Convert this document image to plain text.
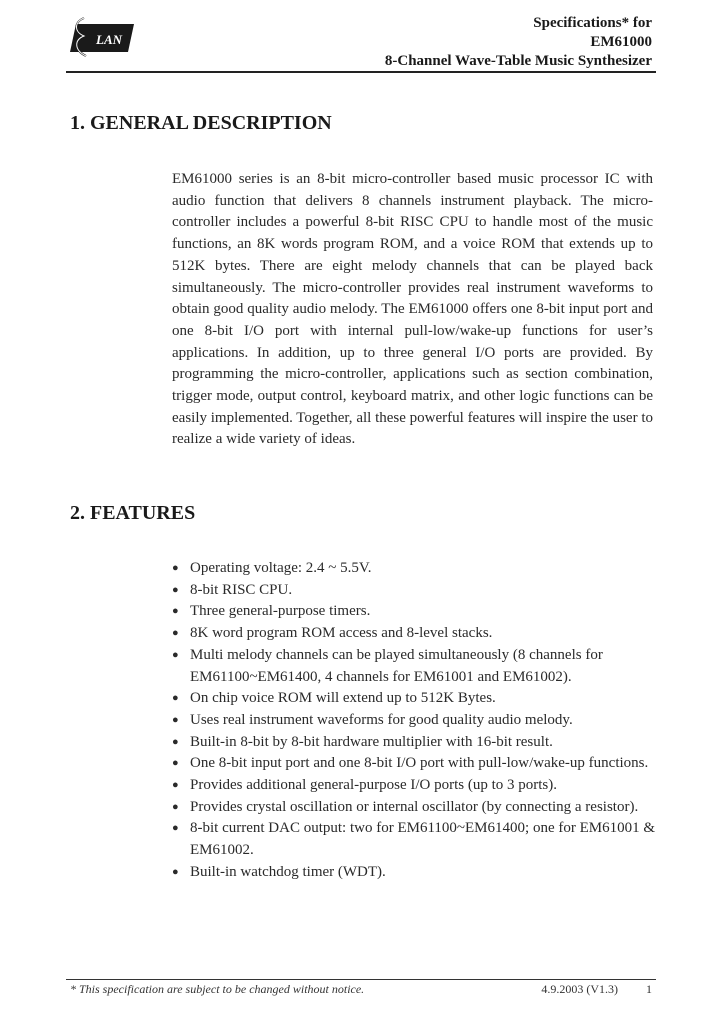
LAN
Specifications* for
EM61000
8-Channel Wave-Table Music Synthesizer
1. GENERAL DESCRIPTION

EM61000 series is an 8-bit micro-controller based music processor IC with audio function that delivers 8 channels instrument playback. The micro-controller includes a powerful 8-bit RISC CPU to handle most of the music functions, an 8K words program ROM, and a voice ROM that extends up to 512K bytes. There are eight melody channels that can be played back simultaneously. The micro-controller provides real instrument waveforms to obtain good quality audio melody. The EM61000 offers one 8-bit input port and one 8-bit I/O port with internal pull-low/wake-up functions for user’s applications. In addition, up to three general I/O ports are provided. By programming the micro-controller, applications such as section combination, trigger mode, output control, keyboard matrix, and other logic functions can be easily implemented. Together, all these powerful features will inspire the user to realize a wide variety of ideas.

2. FEATURES
● Operating voltage: 2.4 ~ 5.5V.
● 8-bit RISC CPU.
● Three general-purpose timers.
● 8K word program ROM access and 8-level stacks.
● Multi melody channels can be played simultaneously (8 channels for EM61100~EM61400, 4 channels for EM61001 and EM61002).
● On chip voice ROM will extend up to 512K Bytes.
● Uses real instrument waveforms for good quality audio melody.
● Built-in 8-bit by 8-bit hardware multiplier with 16-bit result.
● One 8-bit input port and one 8-bit I/O port with pull-low/wake-up functions.
● Provides additional general-purpose I/O ports (up to 3 ports).
● Provides crystal oscillation or internal oscillator (by connecting a resistor).
● 8-bit current DAC output: two for EM61100~EM61400; one for EM61001 & EM61002.
● Built-in watchdog timer (WDT).
* This specification are subject to be changed without notice.	4.9.2003 (V1.3) 1
